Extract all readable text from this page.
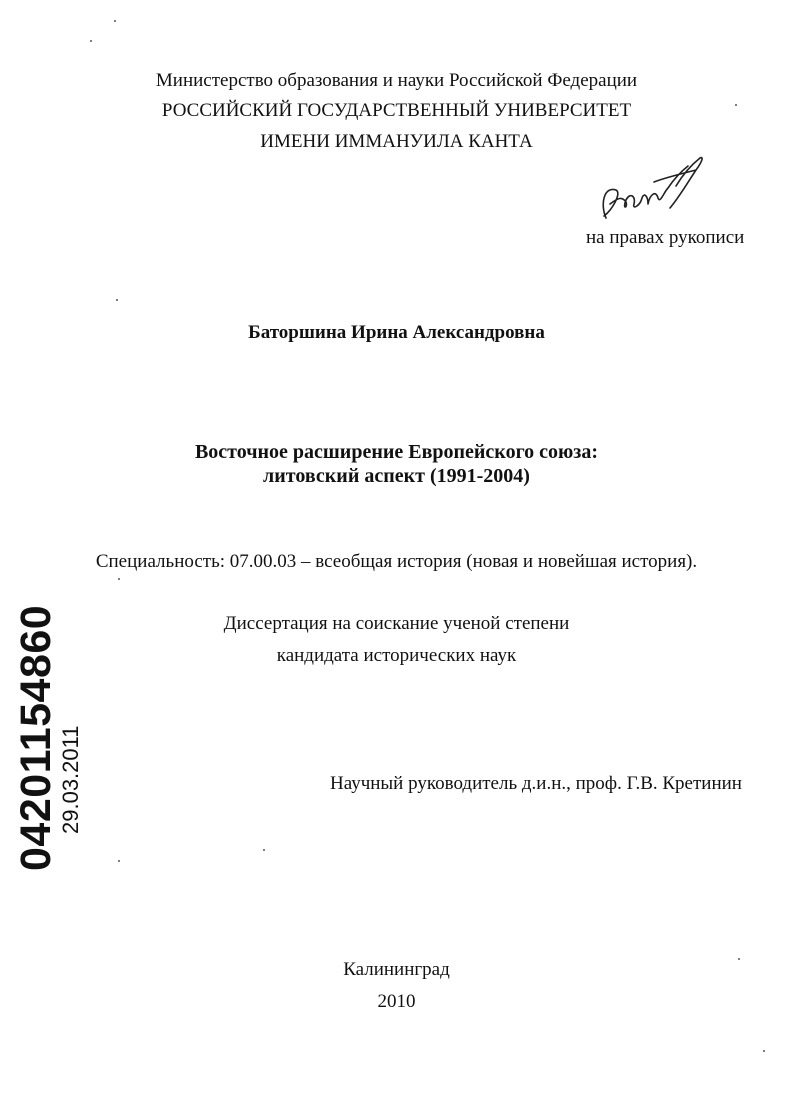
Министерство образования и науки Российской Федерации
РОССИЙСКИЙ ГОСУДАРСТВЕННЫЙ УНИВЕРСИТЕТ
ИМЕНИ ИММАНУИЛА КАНТА
на правах рукописи
Баторшина Ирина Александровна
Восточное расширение Европейского союза:
литовский аспект (1991-2004)
Специальность: 07.00.03 – всеобщая история (новая и новейшая история).
Диссертация на соискание ученой степени
кандидата исторических наук
Научный руководитель д.и.н., проф. Г.В. Кретинин
Калининград
2010
04201154860
29.03.2011
